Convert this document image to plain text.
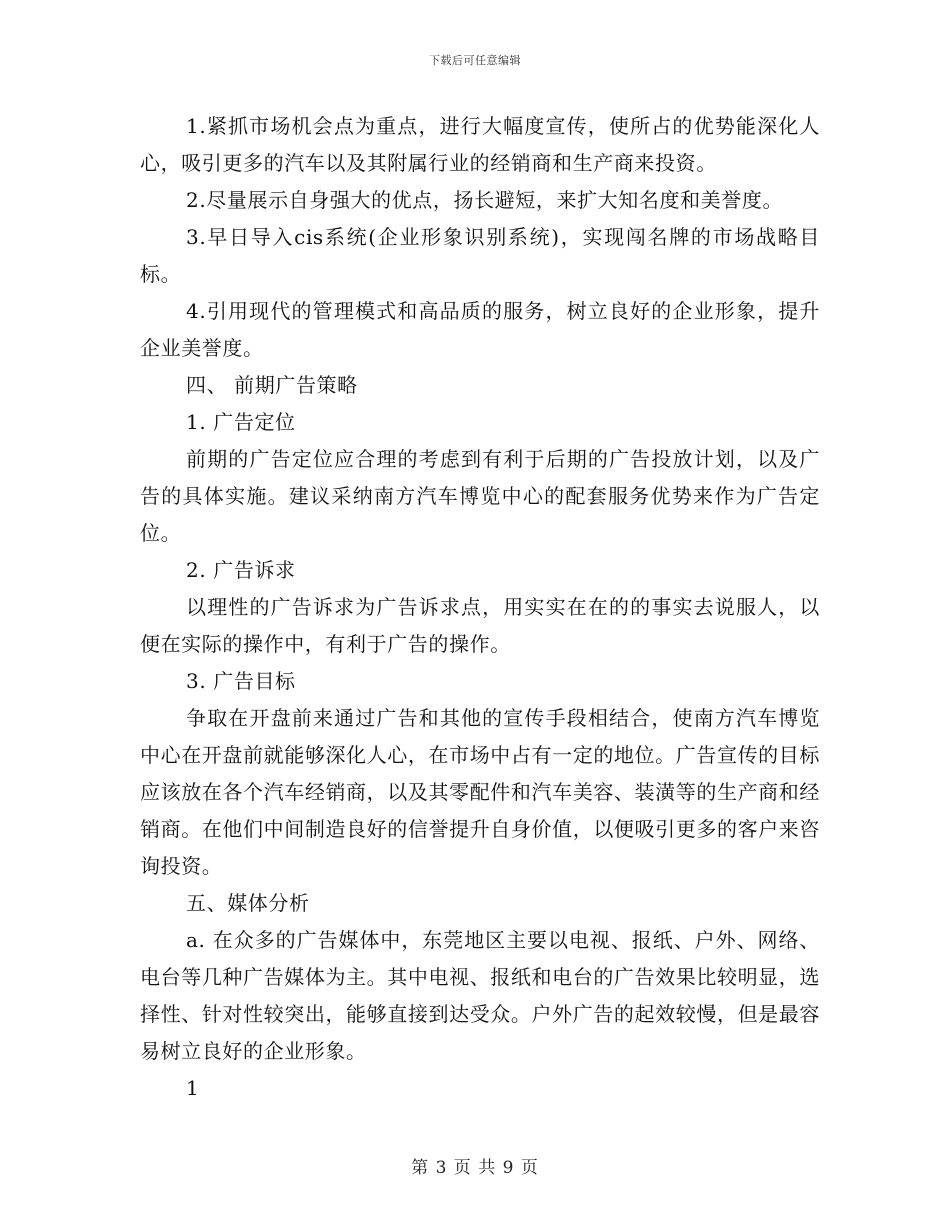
下载后可任意编辑

1.紧抓市场机会点为重点，进行大幅度宣传，使所占的优势能深化人心，吸引更多的汽车以及其附属行业的经销商和生产商来投资。

2.尽量展示自身强大的优点，扬长避短，来扩大知名度和美誉度。

3.早日导入cis系统(企业形象识别系统)，实现闯名牌的市场战略目标。

4.引用现代的管理模式和高品质的服务，树立良好的企业形象，提升企业美誉度。

四、 前期广告策略

1. 广告定位

前期的广告定位应合理的考虑到有利于后期的广告投放计划，以及广告的具体实施。建议采纳南方汽车博览中心的配套服务优势来作为广告定位。

2. 广告诉求

以理性的广告诉求为广告诉求点，用实实在在的的事实去说服人，以便在实际的操作中，有利于广告的操作。

3. 广告目标

争取在开盘前来通过广告和其他的宣传手段相结合，使南方汽车博览中心在开盘前就能够深化人心，在市场中占有一定的地位。广告宣传的目标应该放在各个汽车经销商，以及其零配件和汽车美容、装潢等的生产商和经销商。在他们中间制造良好的信誉提升自身价值，以便吸引更多的客户来咨询投资。

五、媒体分析

a. 在众多的广告媒体中，东莞地区主要以电视、报纸、户外、网络、电台等几种广告媒体为主。其中电视、报纸和电台的广告效果比较明显，选择性、针对性较突出，能够直接到达受众。户外广告的起效较慢，但是最容易树立良好的企业形象。

1

第 3 页 共 9 页
